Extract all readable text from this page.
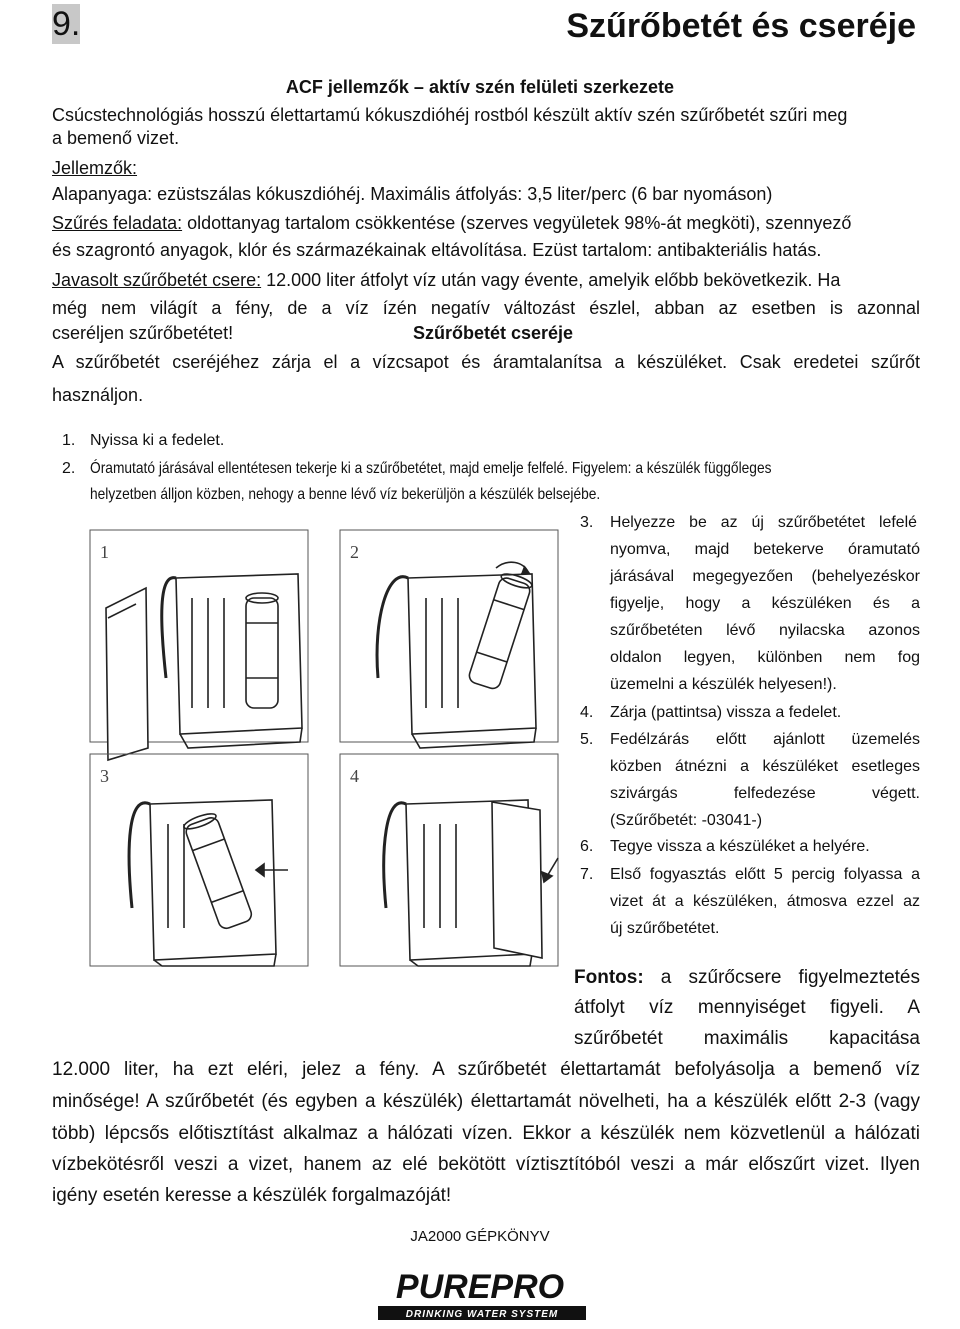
9.	Szűrőbetét és cseréje
ACF jellemzők – aktív szén felületi szerkezete
Csúcstechnológiás hosszú élettartamú kókuszdióhéj rostból készült aktív szén szűrőbetét szűri meg
a bemenő vizet.
Jellemzők:
Alapanyaga: ezüstszálas kókuszdióhéj. Maximális átfolyás: 3,5 liter/perc (6 bar nyomáson)
Szűrés feladata: oldottanyag tartalom csökkentése (szerves vegyületek 98%-át megköti), szennyező
és szagrontó anyagok, klór és származékainak eltávolítása. Ezüst tartalom: antibakteriális hatás.
Javasolt szűrőbetét csere: 12.000 liter átfolyt víz után vagy évente, amelyik előbb bekövetkezik. Ha
még nem világít a fény, de a víz ízén negatív változást észlel, abban az esetben is azonnal
cseréljen szűrőbetétet!	Szűrőbetét cseréje
A szűrőbetét cseréjéhez zárja el a vízcsapot és áramtalanítsa a készüléket. Csak eredetei szűrőt
használjon.
1. Nyissa ki a fedelet.
2. Óramutató járásával ellentétesen tekerje ki a szűrőbetétet, majd emelje felfelé. Figyelem: a készülék függőleges
helyzetben álljon közben, nehogy a benne lévő víz bekerüljön a készülék belsejébe.
3. Helyezze be az új szűrőbetétet lefelé
nyomva, majd betekerve óramutató
járásával megegyezően (behelyezéskor
figyelje, hogy a készüléken és a
szűrőbetéten lévő nyilacska azonos
oldalon legyen, különben nem fog
üzemelni a készülék helyesen!).
4. Zárja (pattintsa) vissza a fedelet.
5. Fedélzárás előtt ajánlott üzemelés
közben átnézni a készüléket esetleges
szivárgás felfedezése végett.
(Szűrőbetét: -03041-)
6. Tegye vissza a készüléket a helyére.
7. Első fogyasztás előtt 5 percig folyassa a
vizet át a készüléken, átmosva ezzel az
új szűrőbetétet.
1	2
3	4
Fontos: a szűrőcsere figyelmeztetés
átfolyt víz mennyiséget figyeli. A
szűrőbetét maximális kapacitása
12.000 liter, ha ezt eléri, jelez a fény. A szűrőbetét élettartamát befolyásolja a bemenő víz
minősége! A szűrőbetét (és egyben a készülék) élettartamát növelheti, ha a készülék előtt 2-3 (vagy
több) lépcsős előtisztítást alkalmaz a hálózati vízen. Ekkor a készülék nem közvetlenül a hálózati
vízbekötésről veszi a vizet, hanem az elé bekötött víztisztítóból veszi a már előszűrt vizet. Ilyen
igény esetén keresse a készülék forgalmazóját!
JA2000 GÉPKÖNYV
PUREPRO
DRINKING WATER SYSTEM
